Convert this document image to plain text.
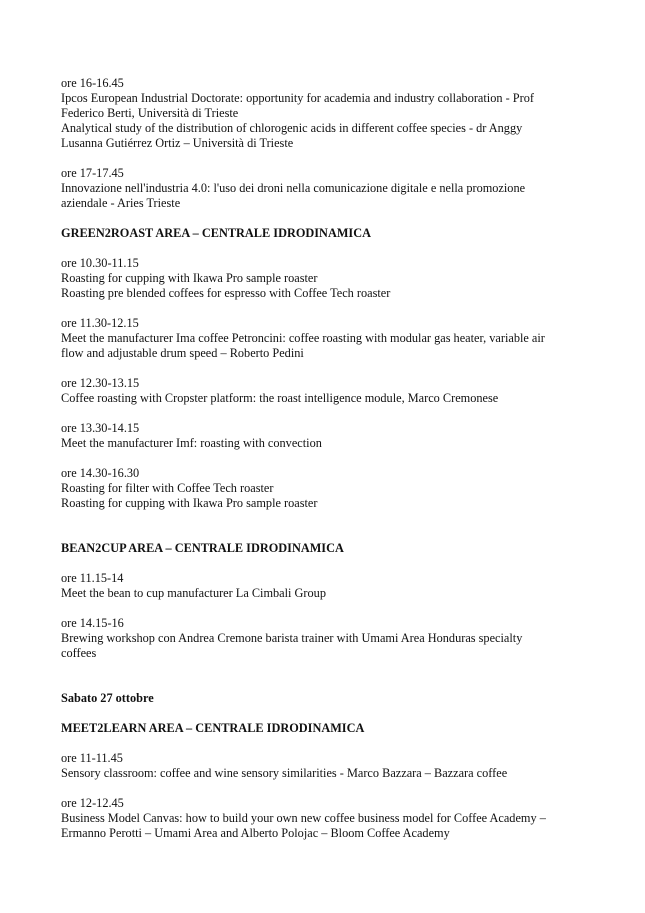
ore 16-16.45
Ipcos European Industrial Doctorate: opportunity for academia and industry collaboration - Prof
Federico Berti, Università di Trieste
Analytical study of the distribution of chlorogenic acids in different coffee species - dr Anggy
Lusanna Gutiérrez Ortiz – Università di Trieste
ore 17-17.45
Innovazione nell'industria 4.0: l'uso dei droni nella comunicazione digitale e nella promozione
aziendale - Aries Trieste
GREEN2ROAST AREA – CENTRALE IDRODINAMICA
ore 10.30-11.15
Roasting for cupping with Ikawa Pro sample roaster
Roasting pre blended coffees for espresso with Coffee Tech roaster
ore 11.30-12.15
Meet the manufacturer Ima coffee Petroncini: coffee roasting with modular gas heater, variable air
flow and adjustable drum speed – Roberto Pedini
ore 12.30-13.15
Coffee roasting with Cropster platform: the roast intelligence module, Marco Cremonese
ore 13.30-14.15
Meet the manufacturer Imf: roasting with convection
ore 14.30-16.30
Roasting for filter with Coffee Tech roaster
Roasting for cupping with Ikawa Pro sample roaster
BEAN2CUP AREA – CENTRALE IDRODINAMICA
ore 11.15-14
Meet the bean to cup manufacturer La Cimbali Group
ore 14.15-16
Brewing workshop con Andrea Cremone barista trainer with Umami Area Honduras specialty
coffees
Sabato 27 ottobre
MEET2LEARN AREA – CENTRALE IDRODINAMICA
ore 11-11.45
Sensory classroom: coffee and wine sensory similarities - Marco Bazzara – Bazzara coffee
ore 12-12.45
Business Model Canvas: how to build your own new coffee business model for Coffee Academy –
Ermanno Perotti – Umami Area and Alberto Polojac – Bloom Coffee Academy
